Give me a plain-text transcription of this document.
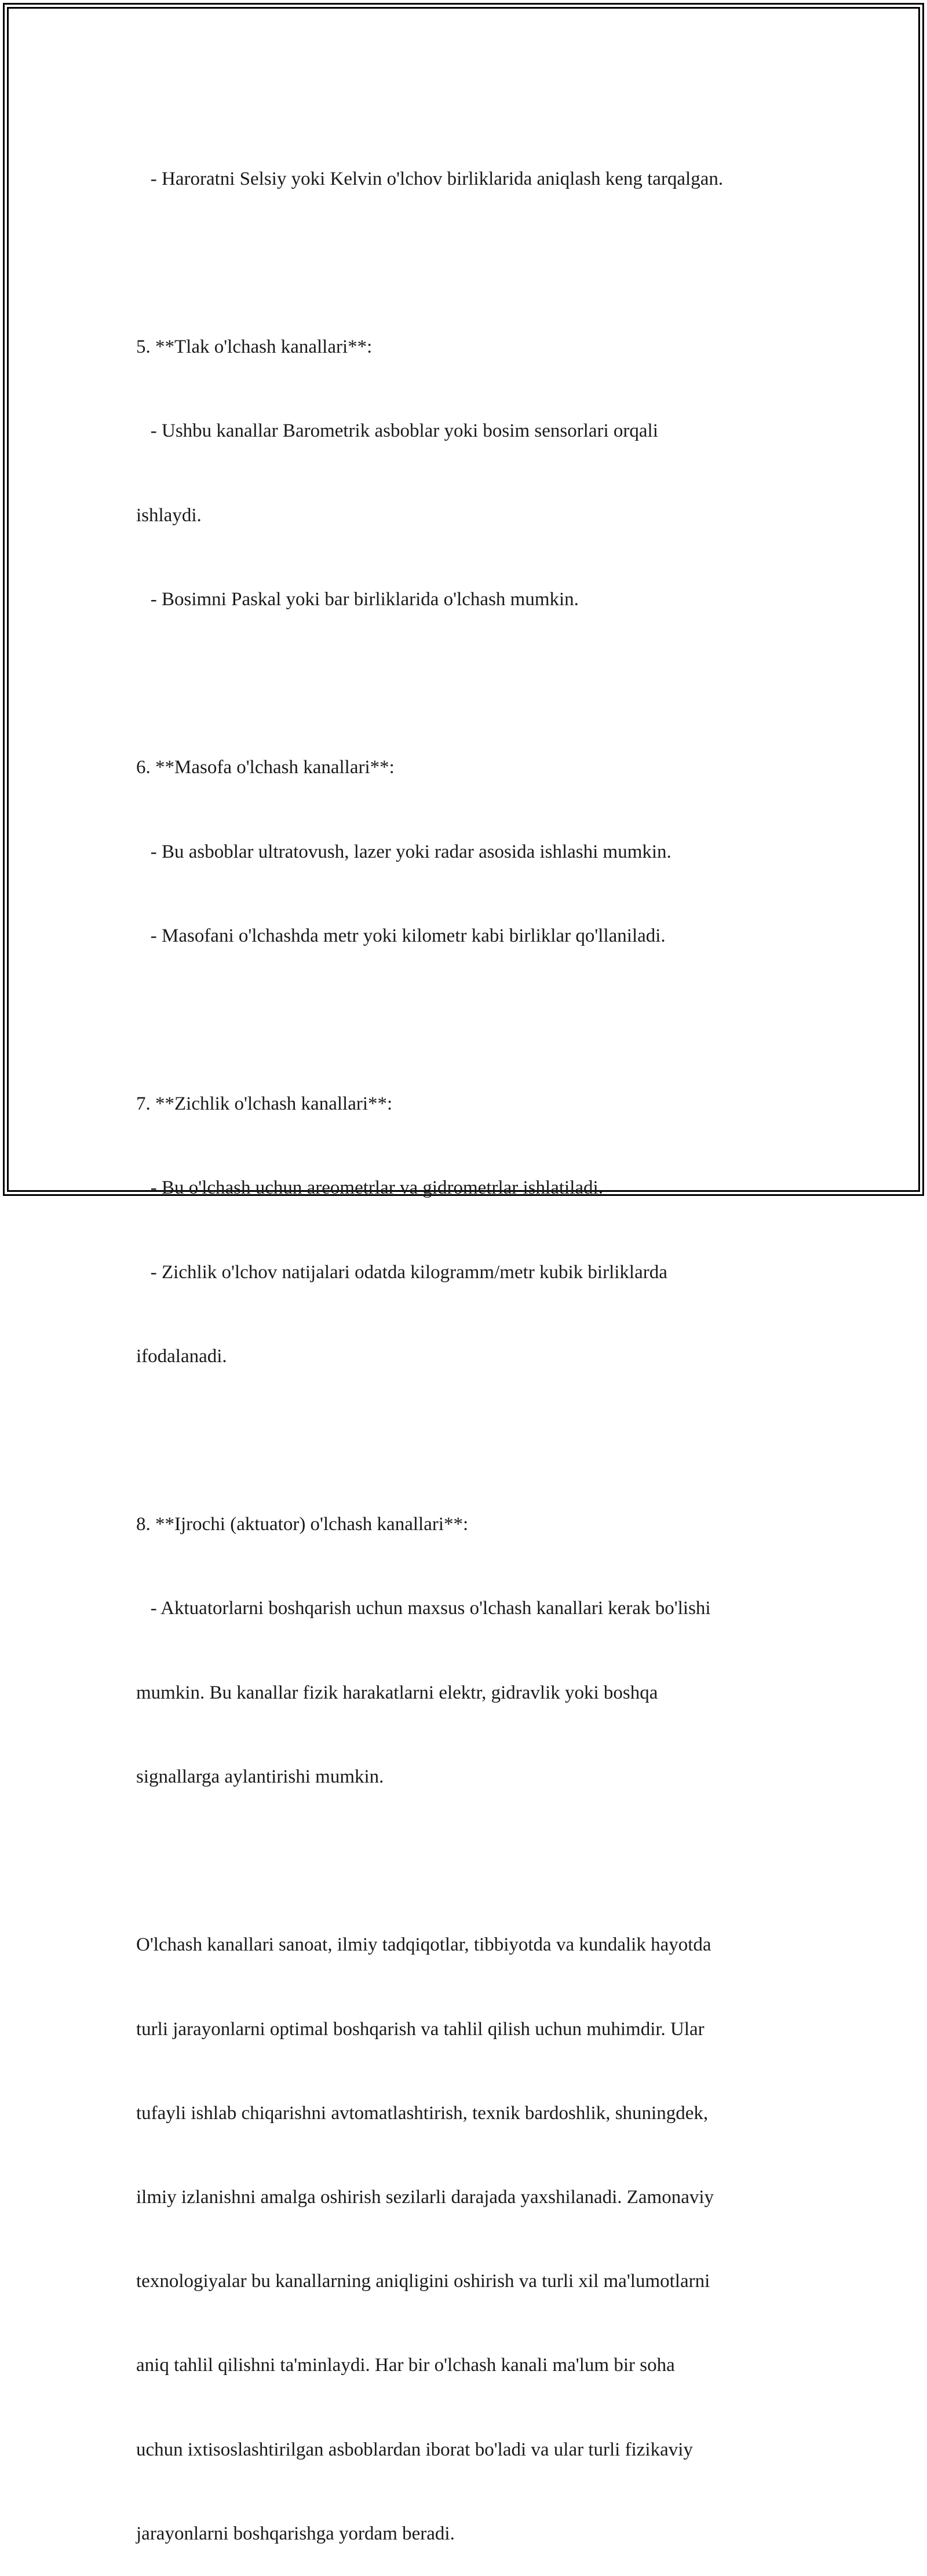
- Haroratni Selsiy yoki Kelvin o'lchov birliklarida aniqlash keng tarqalgan.

5. **Tlak o'lchash kanallari**:

- Ushbu kanallar Barometrik asboblar yoki bosim sensorlari orqali

ishlaydi.

- Bosimni Paskal yoki bar birliklarida o'lchash mumkin.

6. **Masofa o'lchash kanallari**:

- Bu asboblar ultratovush, lazer yoki radar asosida ishlashi mumkin.

- Masofani o'lchashda metr yoki kilometr kabi birliklar qo'llaniladi.

7. **Zichlik o'lchash kanallari**:

- Bu o'lchash uchun areometrlar va gidrometrlar ishlatiladi.

- Zichlik o'lchov natijalari odatda kilogramm/metr kubik birliklarda

ifodalanadi.

8. **Ijrochi (aktuator) o'lchash kanallari**:

- Aktuatorlarni boshqarish uchun maxsus o'lchash kanallari kerak bo'lishi

mumkin. Bu kanallar fizik harakatlarni elektr, gidravlik yoki boshqa

signallarga aylantirishi mumkin.

O'lchash kanallari sanoat, ilmiy tadqiqotlar, tibbiyotda va kundalik hayotda

turli jarayonlarni optimal boshqarish va tahlil qilish uchun muhimdir. Ular

tufayli ishlab chiqarishni avtomatlashtirish, texnik bardoshlik, shuningdek,

ilmiy izlanishni amalga oshirish sezilarli darajada yaxshilanadi. Zamonaviy

texnologiyalar bu kanallarning aniqligini oshirish va turli xil ma'lumotlarni

aniq tahlil qilishni ta'minlaydi. Har bir o'lchash kanali ma'lum bir soha

uchun ixtisoslashtirilgan asboblardan iborat bo'ladi va ular turli fizikaviy

jarayonlarni boshqarishga yordam beradi.
